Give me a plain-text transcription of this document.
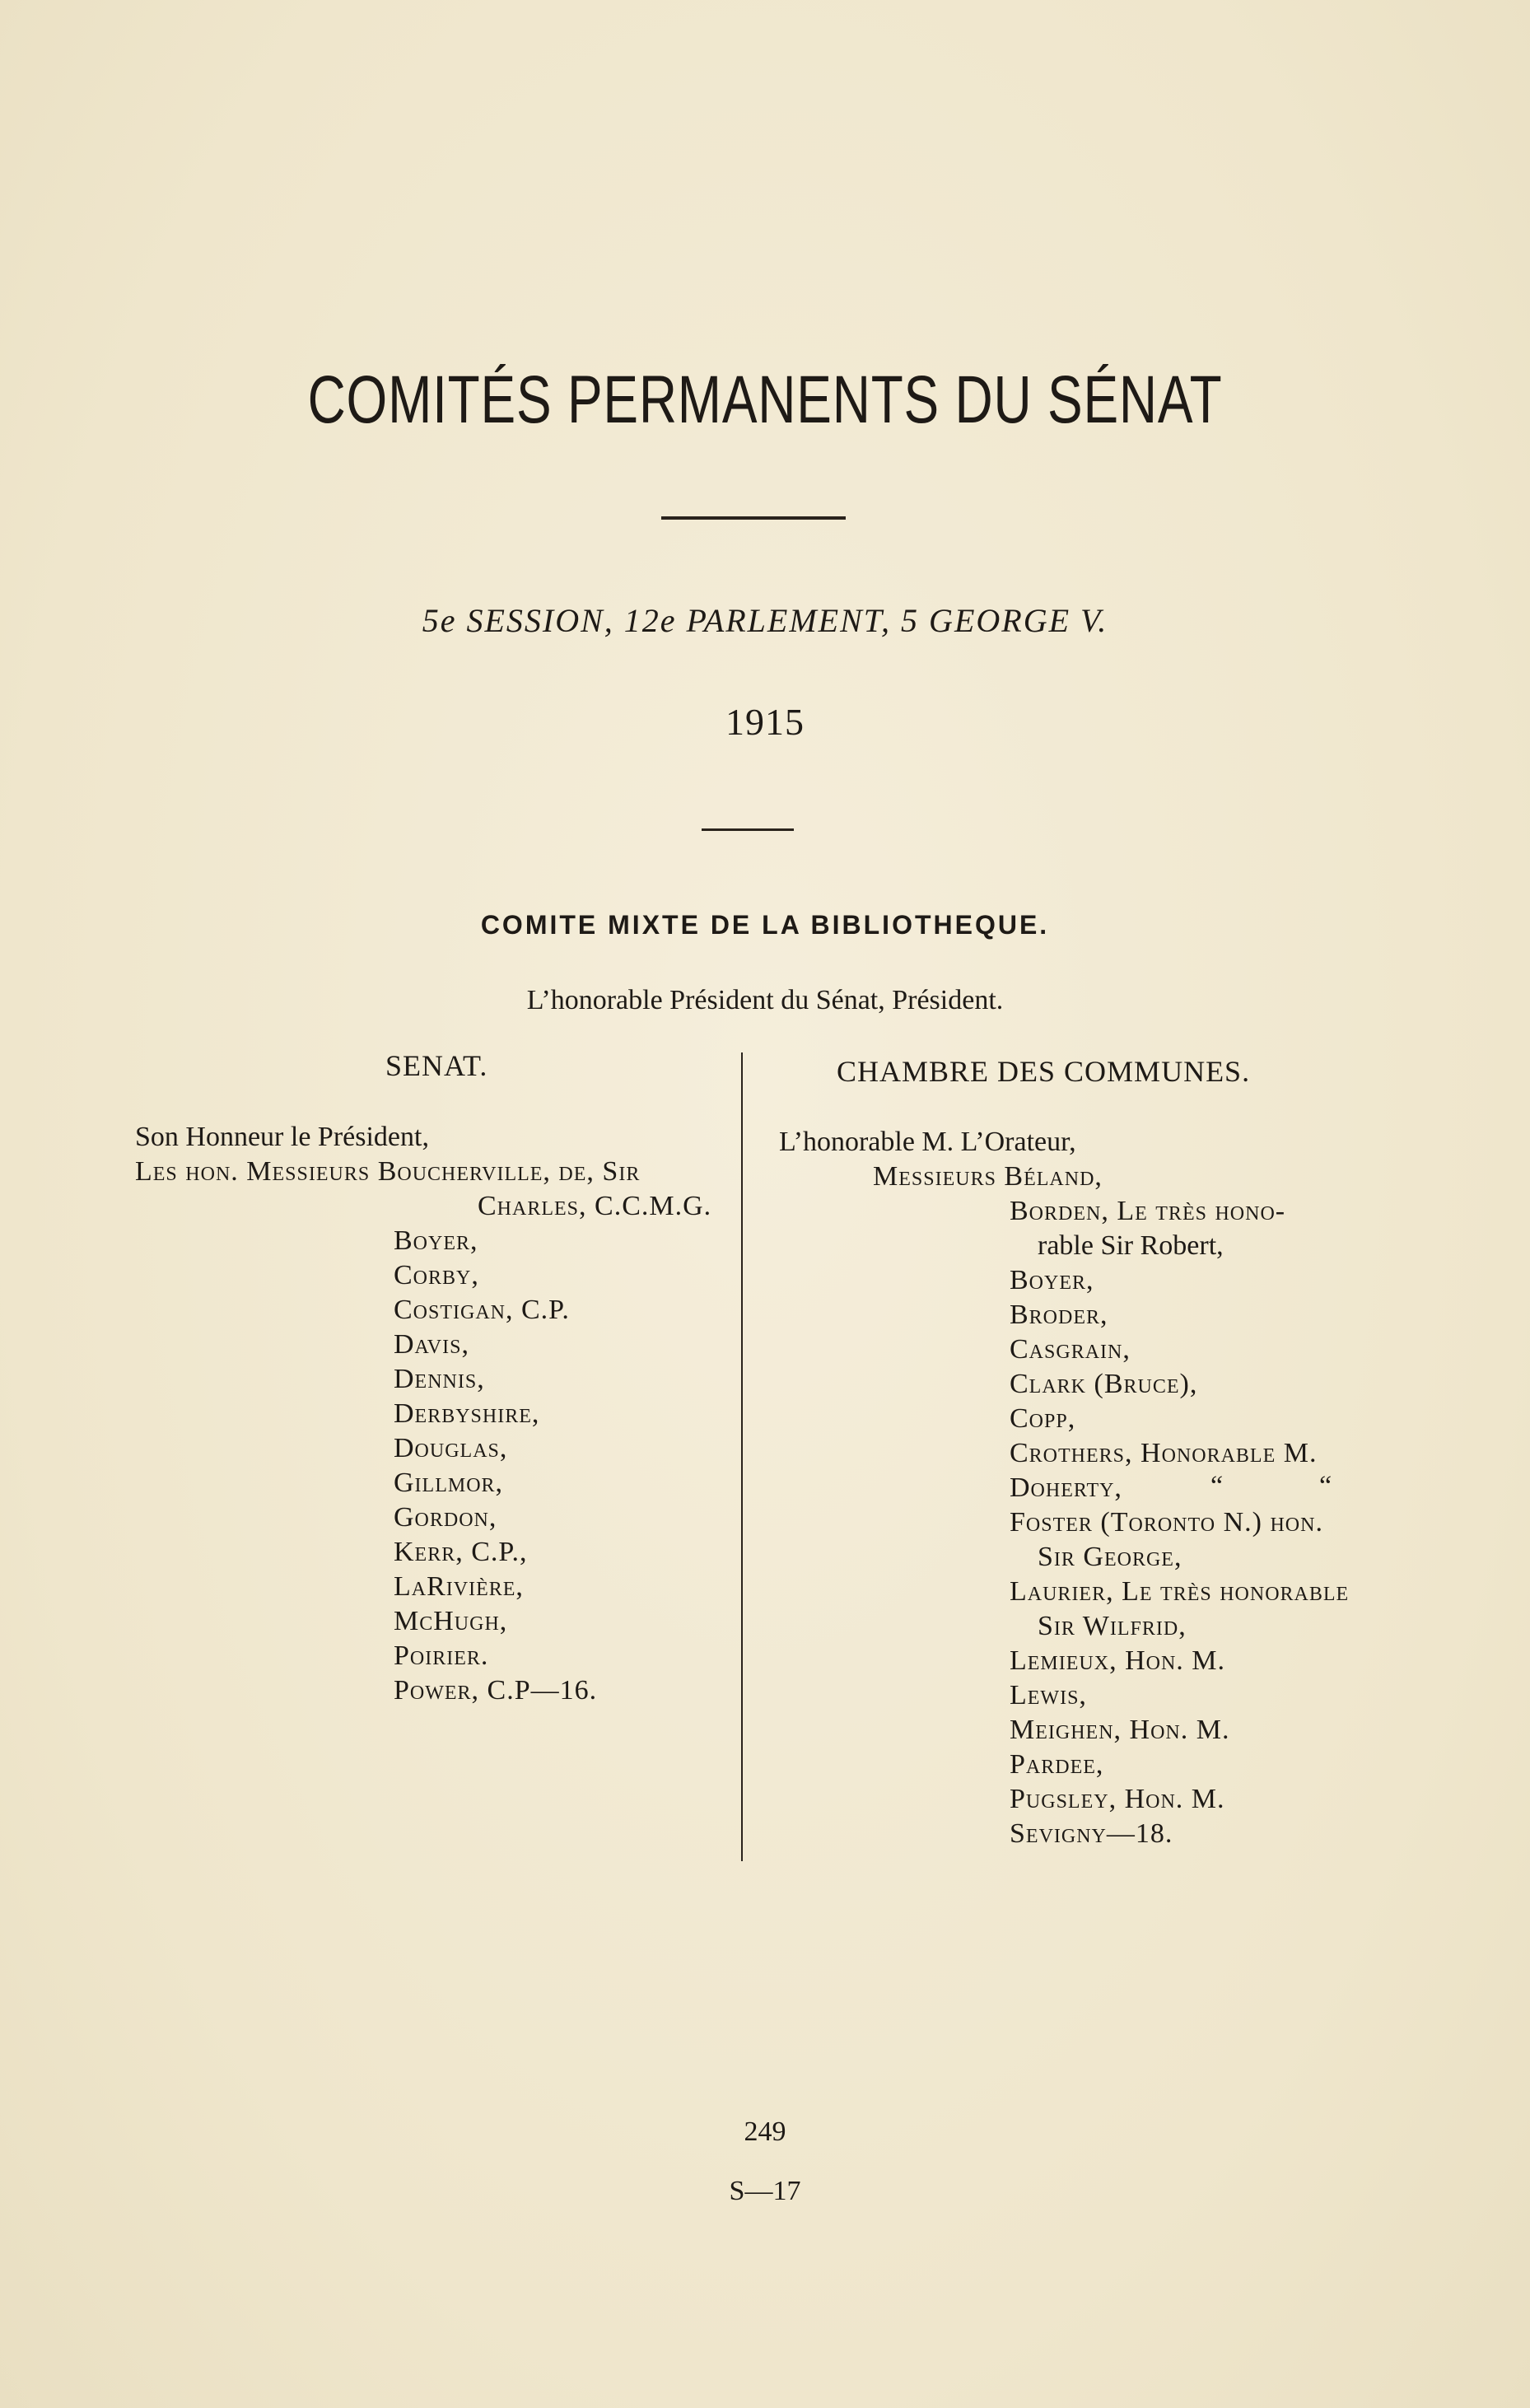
COMITÉS PERMANENTS DU SÉNAT
5e SESSION, 12e PARLEMENT, 5 GEORGE V.
1915
COMITE MIXTE DE LA BIBLIOTHEQUE.
L’honorable Président du Sénat, Président.
SENAT.	CHAMBRE DES COMMUNES.
Son Honneur le Président,
Les hon. Messieurs Boucherville, de, Sir
Charles, C.C.M.G.
Boyer,
Corby,
Costigan, C.P.
Davis,
Dennis,
Derbyshire,
Douglas,
Gillmor,
Gordon,
Kerr, C.P.,
LaRivière,
McHugh,
Poirier.
Power, C.P—16.
L’honorable M. L’Orateur,
Messieurs Béland,
Borden, Le très hono-
rable Sir Robert,
Boyer,
Broder,
Casgrain,
Clark (Bruce),
Copp,
Crothers, Honorable M.
Doherty,	“	“
Foster (Toronto N.) hon.
Sir George,
Laurier, Le très honorable
Sir Wilfrid,
Lemieux, Hon. M.
Lewis,
Meighen, Hon. M.
Pardee,
Pugsley, Hon. M.
Sevigny—18.
249
S—17
